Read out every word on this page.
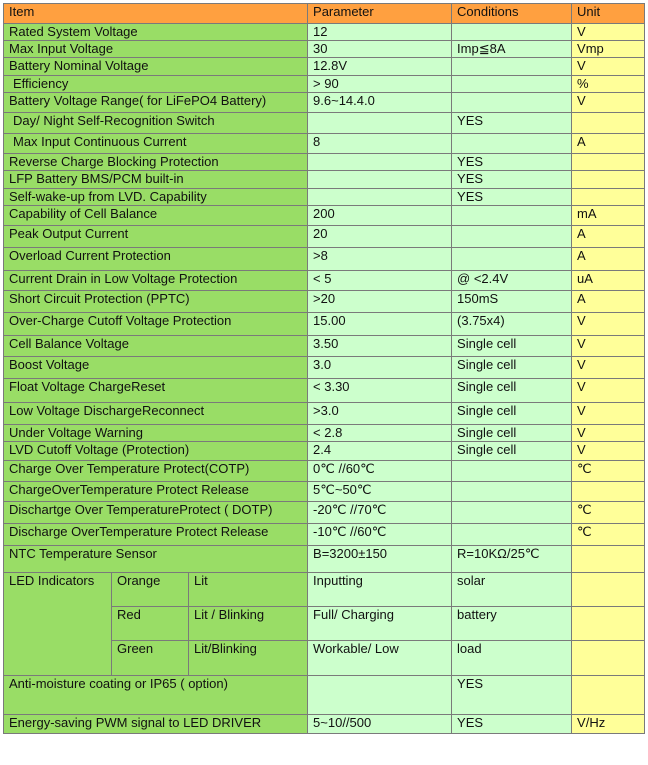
Item			Parameter	Conditions	Unit
Rated System Voltage			12		V
Max Input Voltage			30	Imp≦8A	Vmp
Battery Nominal Voltage			12.8V		V
Efficiency			> 90		%
Battery Voltage Range( for LiFePO4 Battery)			9.6~14.4.0		V
Day/ Night Self-Recognition Switch				YES	
Max Input Continuous Current			8		A
Reverse Charge Blocking Protection				YES	
LFP Battery BMS/PCM built-in				YES	
Self-wake-up from LVD. Capability				YES	
Capability of Cell Balance			200		mA
Peak Output Current			20		A
Overload Current Protection			>8		A
Current Drain in Low Voltage Protection			< 5	@ <2.4V	uA
Short Circuit Protection (PPTC)			>20	150mS	A
Over-Charge Cutoff Voltage Protection			15.00	(3.75x4)	V
Cell Balance Voltage			3.50	Single cell	V
Boost Voltage			3.0	Single cell	V
Float Voltage ChargeReset			< 3.30	Single cell	V
Low Voltage DischargeReconnect			>3.0	Single cell	V
Under Voltage Warning			< 2.8	Single cell	V
LVD Cutoff Voltage (Protection)			2.4	Single cell	V
Charge Over Temperature Protect(COTP)			0℃ //60℃		℃
ChargeOverTemperature Protect Release			5℃~50℃		
Dischartge Over TemperatureProtect ( DOTP)			-20℃ //70℃		℃
Discharge OverTemperature Protect Release			-10℃ //60℃		℃
NTC Temperature Sensor			B=3200±150	R=10KΩ/25℃	
LED Indicators	Orange	Lit	Inputting	solar	
	Red	Lit / Blinking	Full/ Charging	battery	
	Green	Lit/Blinking	Workable/ Low	load	
Anti-moisture coating or IP65 ( option)				YES	
Energy-saving PWM signal to LED DRIVER			5~10//500	YES	V/Hz
